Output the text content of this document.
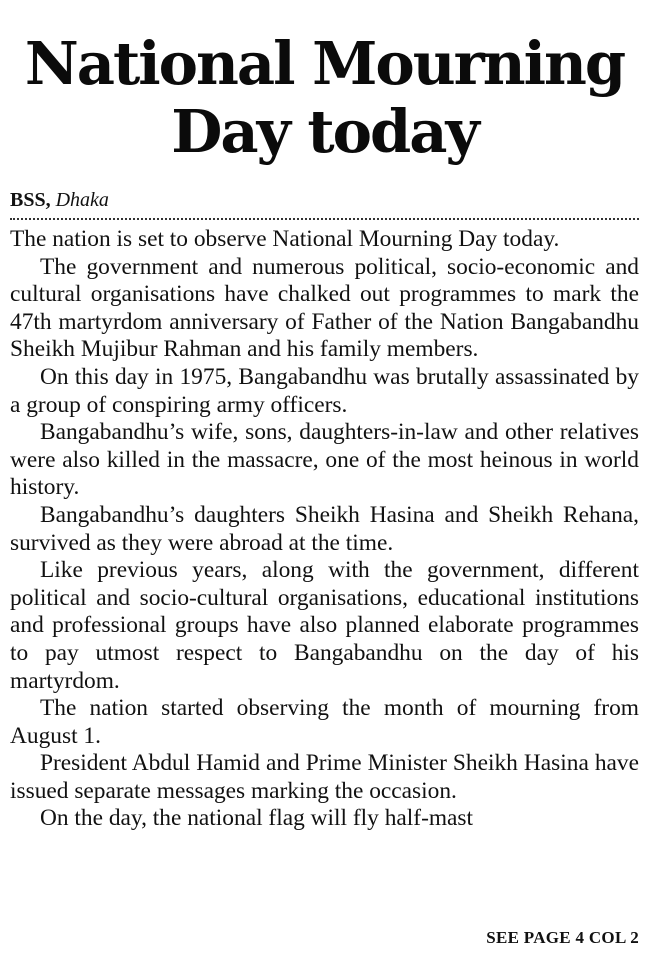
National Mourning Day today
BSS, Dhaka

The nation is set to observe National Mourning Day today.

The government and numerous political, socio-economic and cultural organisations have chalked out programmes to mark the 47th martyrdom anniversary of Father of the Nation Bangabandhu Sheikh Mujibur Rahman and his family members.

On this day in 1975, Bangabandhu was brutally assassinated by a group of conspiring army officers.

Bangabandhu’s wife, sons, daughters-in-law and other relatives were also killed in the massacre, one of the most heinous in world history.

Bangabandhu’s daughters Sheikh Hasina and Sheikh Rehana, survived as they were abroad at the time.

Like previous years, along with the government, different political and socio-cultural organisations, educational institutions and professional groups have also planned elaborate programmes to pay utmost respect to Bangabandhu on the day of his martyrdom.

The nation started observing the month of mourning from August 1.

President Abdul Hamid and Prime Minister Sheikh Hasina have issued separate messages marking the occasion.

On the day, the national flag will fly half-mast

SEE PAGE 4 COL 2
